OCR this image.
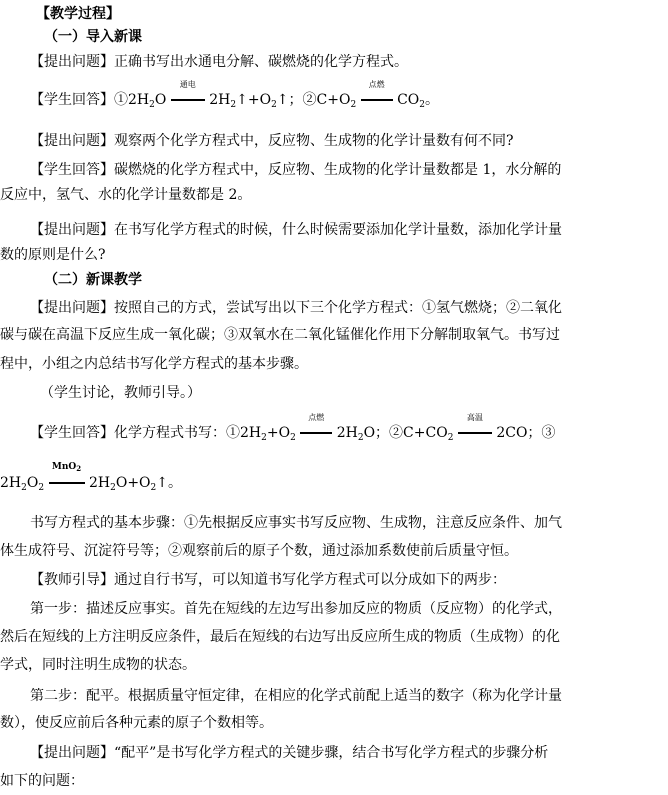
【教学过程】
（一）导入新课
【提出问题】正确书写出水通电分解、碳燃烧的化学方程式。
【学生回答】$①2H_2O$
通电
$2H_2↑+O_2↑$；$②C+O_2$
点燃
$CO_2$。
【提出问题】观察两个化学方程式中，反应物、生成物的化学计量数有何不同?
【学生回答】碳燃烧的化学方程式中，反应物、生成物的化学计量数都是 1，水分解的
反应中，氢气、水的化学计量数都是 2。
【提出问题】在书写化学方程式的时候，什么时候需要添加化学计量数，添加化学计量
数的原则是什么?
（二）新课教学
【提出问题】按照自己的方式，尝试写出以下三个化学方程式：①氢气燃烧；②二氧化
碳与碳在高温下反应生成一氧化碳；③双氧水在二氧化锰催化作用下分解制取氧气。书写过
程中，小组之内总结书写化学方程式的基本步骤。
（学生讨论，教师引导。）
【学生回答】化学方程式书写：$①2H_2+O_2$
点燃
$2H_2O$；$②C+CO_2$
高温
2CO；③
$2H_2O_2$
MnO$_2$
$2H_2O+O_2↑$。
书写方程式的基本步骤：①先根据反应事实书写反应物、生成物，注意反应条件、加气
体生成符号、沉淀符号等；②观察前后的原子个数，通过添加系数使前后质量守恒。
【教师引导】通过自行书写，可以知道书写化学方程式可以分成如下的两步：
第一步：描述反应事实。首先在短线的左边写出参加反应的物质（反应物）的化学式，
然后在短线的上方注明反应条件，最后在短线的右边写出反应所生成的物质（生成物）的化
学式，同时注明生成物的状态。
第二步：配平。根据质量守恒定律，在相应的化学式前配上适当的数字（称为化学计量
数），使反应前后各种元素的原子个数相等。
【提出问题】“配平”是书写化学方程式的关键步骤，结合书写化学方程式的步骤分析
如下的问题：
